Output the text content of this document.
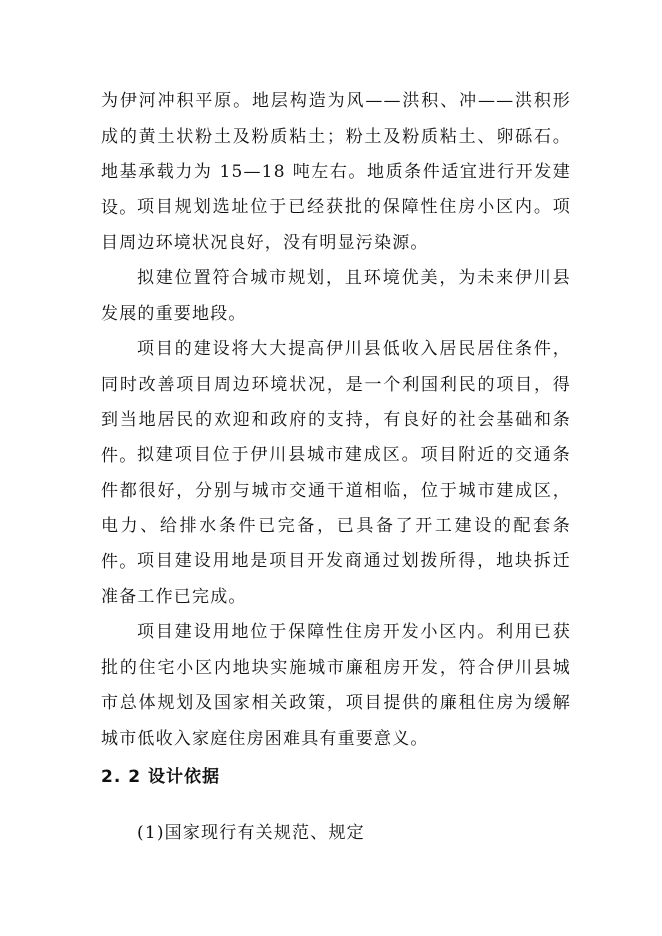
为伊河冲积平原。地层构造为风——洪积、冲——洪积形成的黄土状粉土及粉质粘土；粉土及粉质粘土、卵砾石。地基承载力为 15—18 吨左右。地质条件适宜进行开发建设。 项目规划选址位于已经获批的保障性住房小区内。项目周边环境状况良好，没有明显污染源。

拟建位置符合城市规划，且环境优美，为未来伊川县发展的重要地段。

项目的建设将大大提高伊川县低收入居民居住条件，同时改善项目周边环境状况，是一个利国利民的项目，得到当地居民的欢迎和政府的支持，有良好的社会基础和条件。 拟建项目位于伊川县城市建成区。项目附近的交通条件都很好，分别与城市交通干道相临，位于城市建成区，电力、给排水条件已完备，已具备了开工建设的配套条件。 项目建设用地是项目开发商通过划拨所得，地块拆迁准备工作已完成。

项目建设用地位于保障性住房开发小区内。利用已获批的住宅小区内地块实施城市廉租房开发，符合伊川县城市总体规划及国家相关政策，项目提供的廉租住房为缓解城市低收入家庭住房困难具有重要意义。

2. 2 设计依据

(1)国家现行有关规范、规定
